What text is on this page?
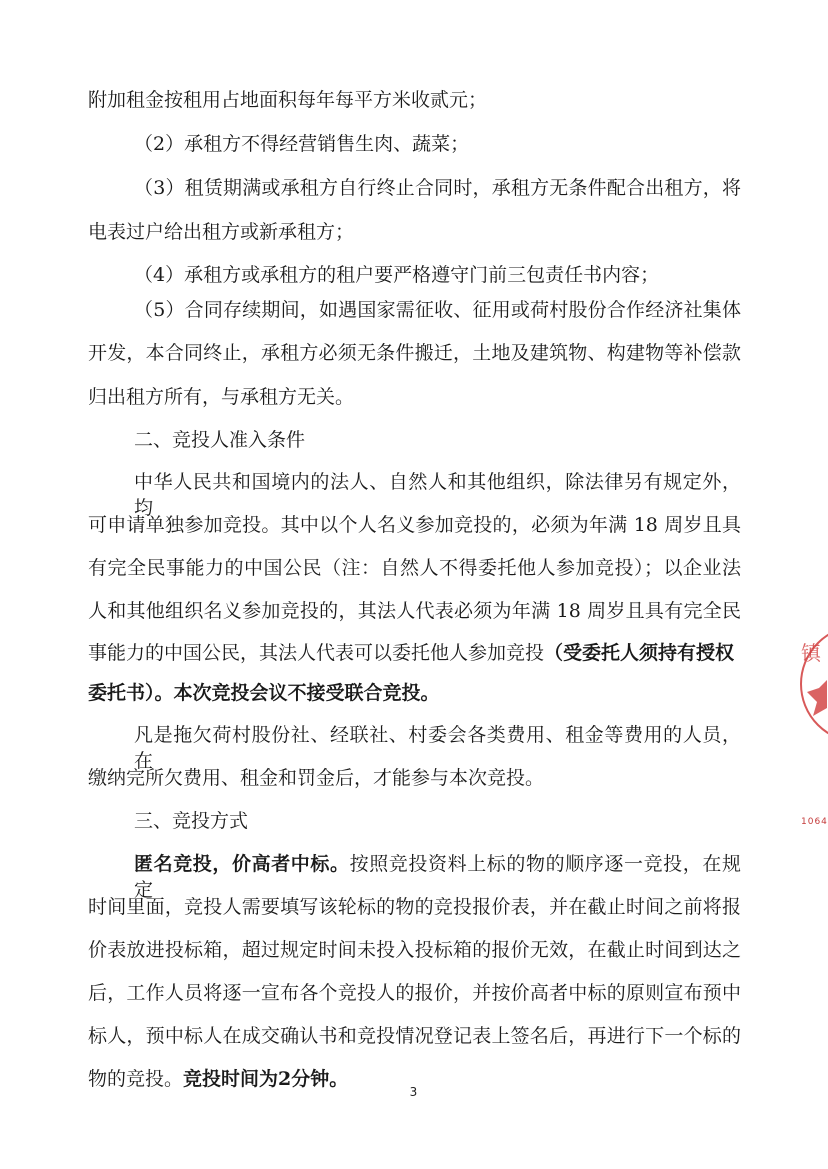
附加租金按租用占地面积每年每平方米收贰元；
（2）承租方不得经营销售生肉、蔬菜；
（3）租赁期满或承租方自行终止合同时，承租方无条件配合出租方，将
电表过户给出租方或新承租方；
（4）承租方或承租方的租户要严格遵守门前三包责任书内容；
（5）合同存续期间，如遇国家需征收、征用或荷村股份合作经济社集体
开发，本合同终止，承租方必须无条件搬迁，土地及建筑物、构建物等补偿款
归出租方所有，与承租方无关。
二、竞投人准入条件
中华人民共和国境内的法人、自然人和其他组织，除法律另有规定外，均
可申请单独参加竞投。其中以个人名义参加竞投的，必须为年满 18 周岁且具
有完全民事能力的中国公民（注：自然人不得委托他人参加竞投）；以企业法
人和其他组织名义参加竞投的，其法人代表必须为年满 18 周岁且具有完全民
事能力的中国公民，其法人代表可以委托他人参加竞投（受委托人须持有授权
委托书）。本次竞投会议不接受联合竞投。
凡是拖欠荷村股份社、经联社、村委会各类费用、租金等费用的人员，在
缴纳完所欠费用、租金和罚金后，才能参与本次竞投。
三、竞投方式
匿名竞投，价高者中标。按照竞投资料上标的物的顺序逐一竞投，在规定
时间里面，竞投人需要填写该轮标的物的竞投报价表，并在截止时间之前将报
价表放进投标箱，超过规定时间未投入投标箱的报价无效，在截止时间到达之
后，工作人员将逐一宣布各个竞投人的报价，并按价高者中标的原则宣布预中
标人，预中标人在成交确认书和竞投情况登记表上签名后，再进行下一个标的
物的竞投。竞投时间为2分钟。
3
镇
1064
